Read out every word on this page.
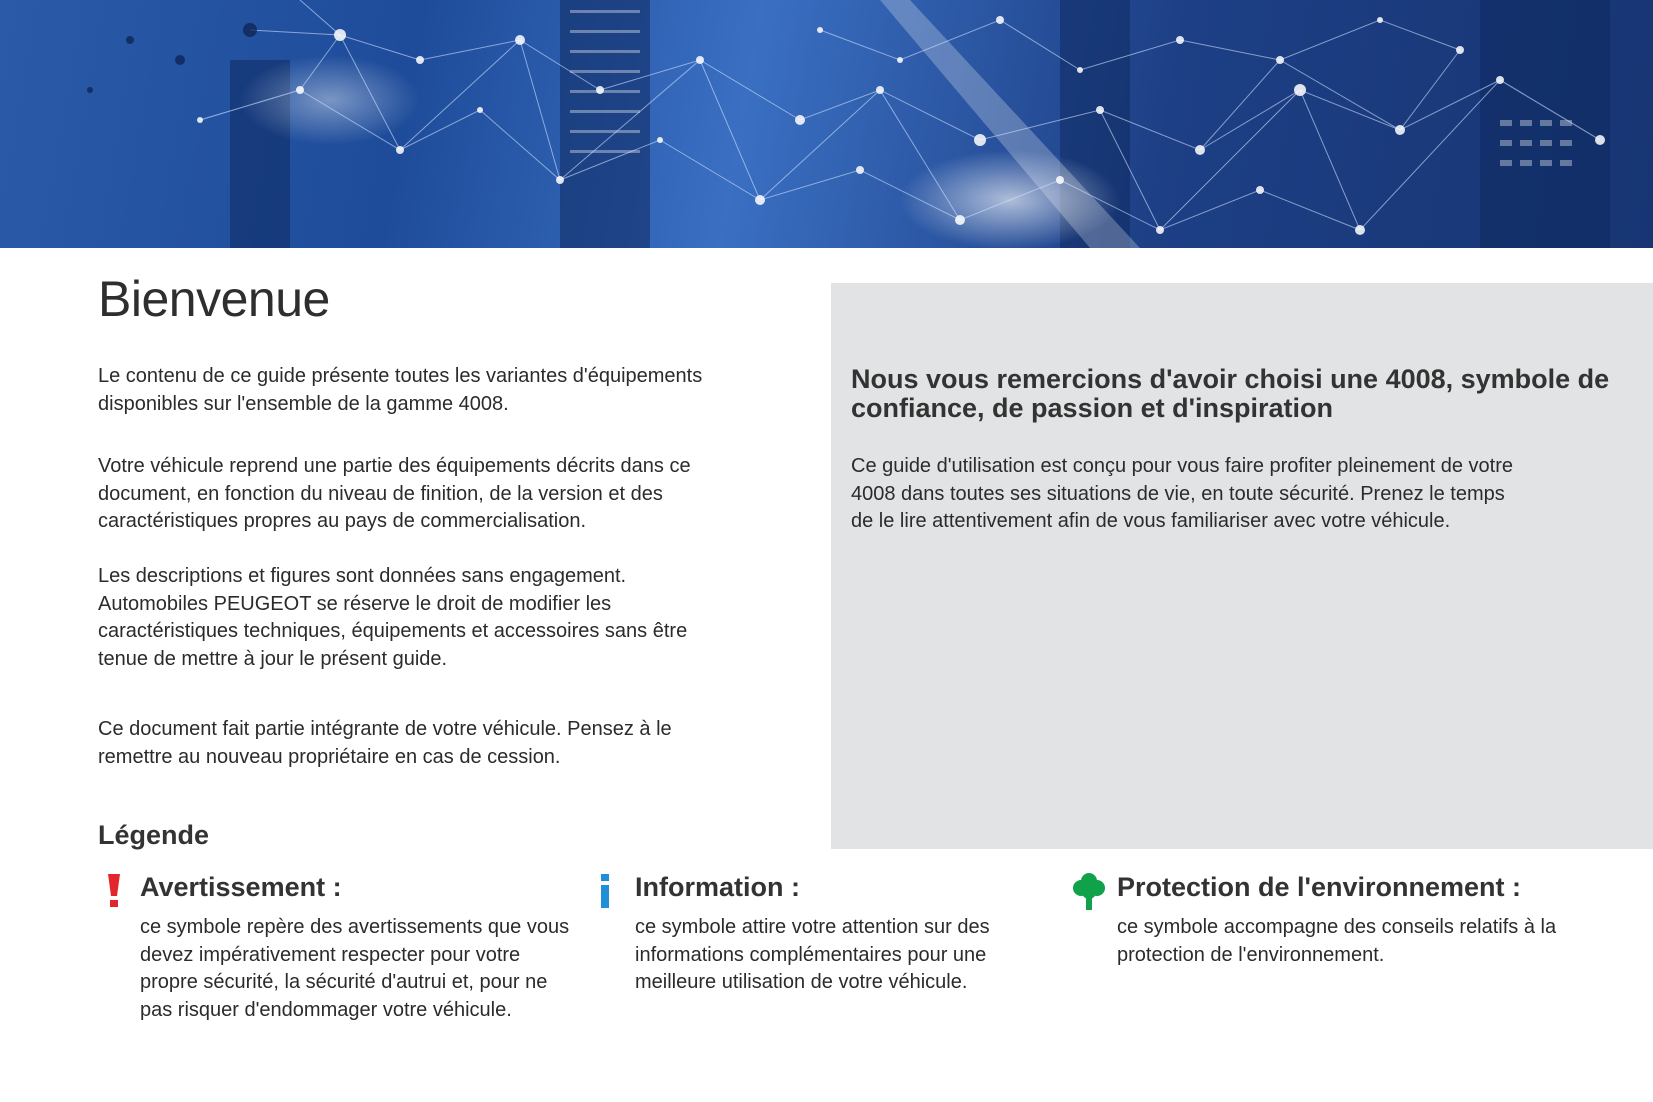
Bienvenue

Le contenu de ce guide présente toutes les variantes d'équipements disponibles sur l'ensemble de la gamme 4008.

Votre véhicule reprend une partie des équipements décrits dans ce document, en fonction du niveau de finition, de la version et des caractéristiques propres au pays de commercialisation.

Les descriptions et figures sont données sans engagement. Automobiles PEUGEOT se réserve le droit de modifier les caractéristiques techniques, équipements et accessoires sans être tenue de mettre à jour le présent guide.

Ce document fait partie intégrante de votre véhicule. Pensez à le remettre au nouveau propriétaire en cas de cession.

Nous vous remercions d'avoir choisi une 4008, symbole de confiance, de passion et d'inspiration

Ce guide d'utilisation est conçu pour vous faire profiter pleinement de votre 4008 dans toutes ses situations de vie, en toute sécurité. Prenez le temps de le lire attentivement afin de vous familiariser avec votre véhicule.

Légende

Avertissement :

ce symbole repère des avertissements que vous devez impérativement respecter pour votre propre sécurité, la sécurité d'autrui et, pour ne pas risquer d'endommager votre véhicule.

Information :

ce symbole attire votre attention sur des informations complémentaires pour une meilleure utilisation de votre véhicule.

Protection de l'environnement :

ce symbole accompagne des conseils relatifs à la protection de l'environnement.
